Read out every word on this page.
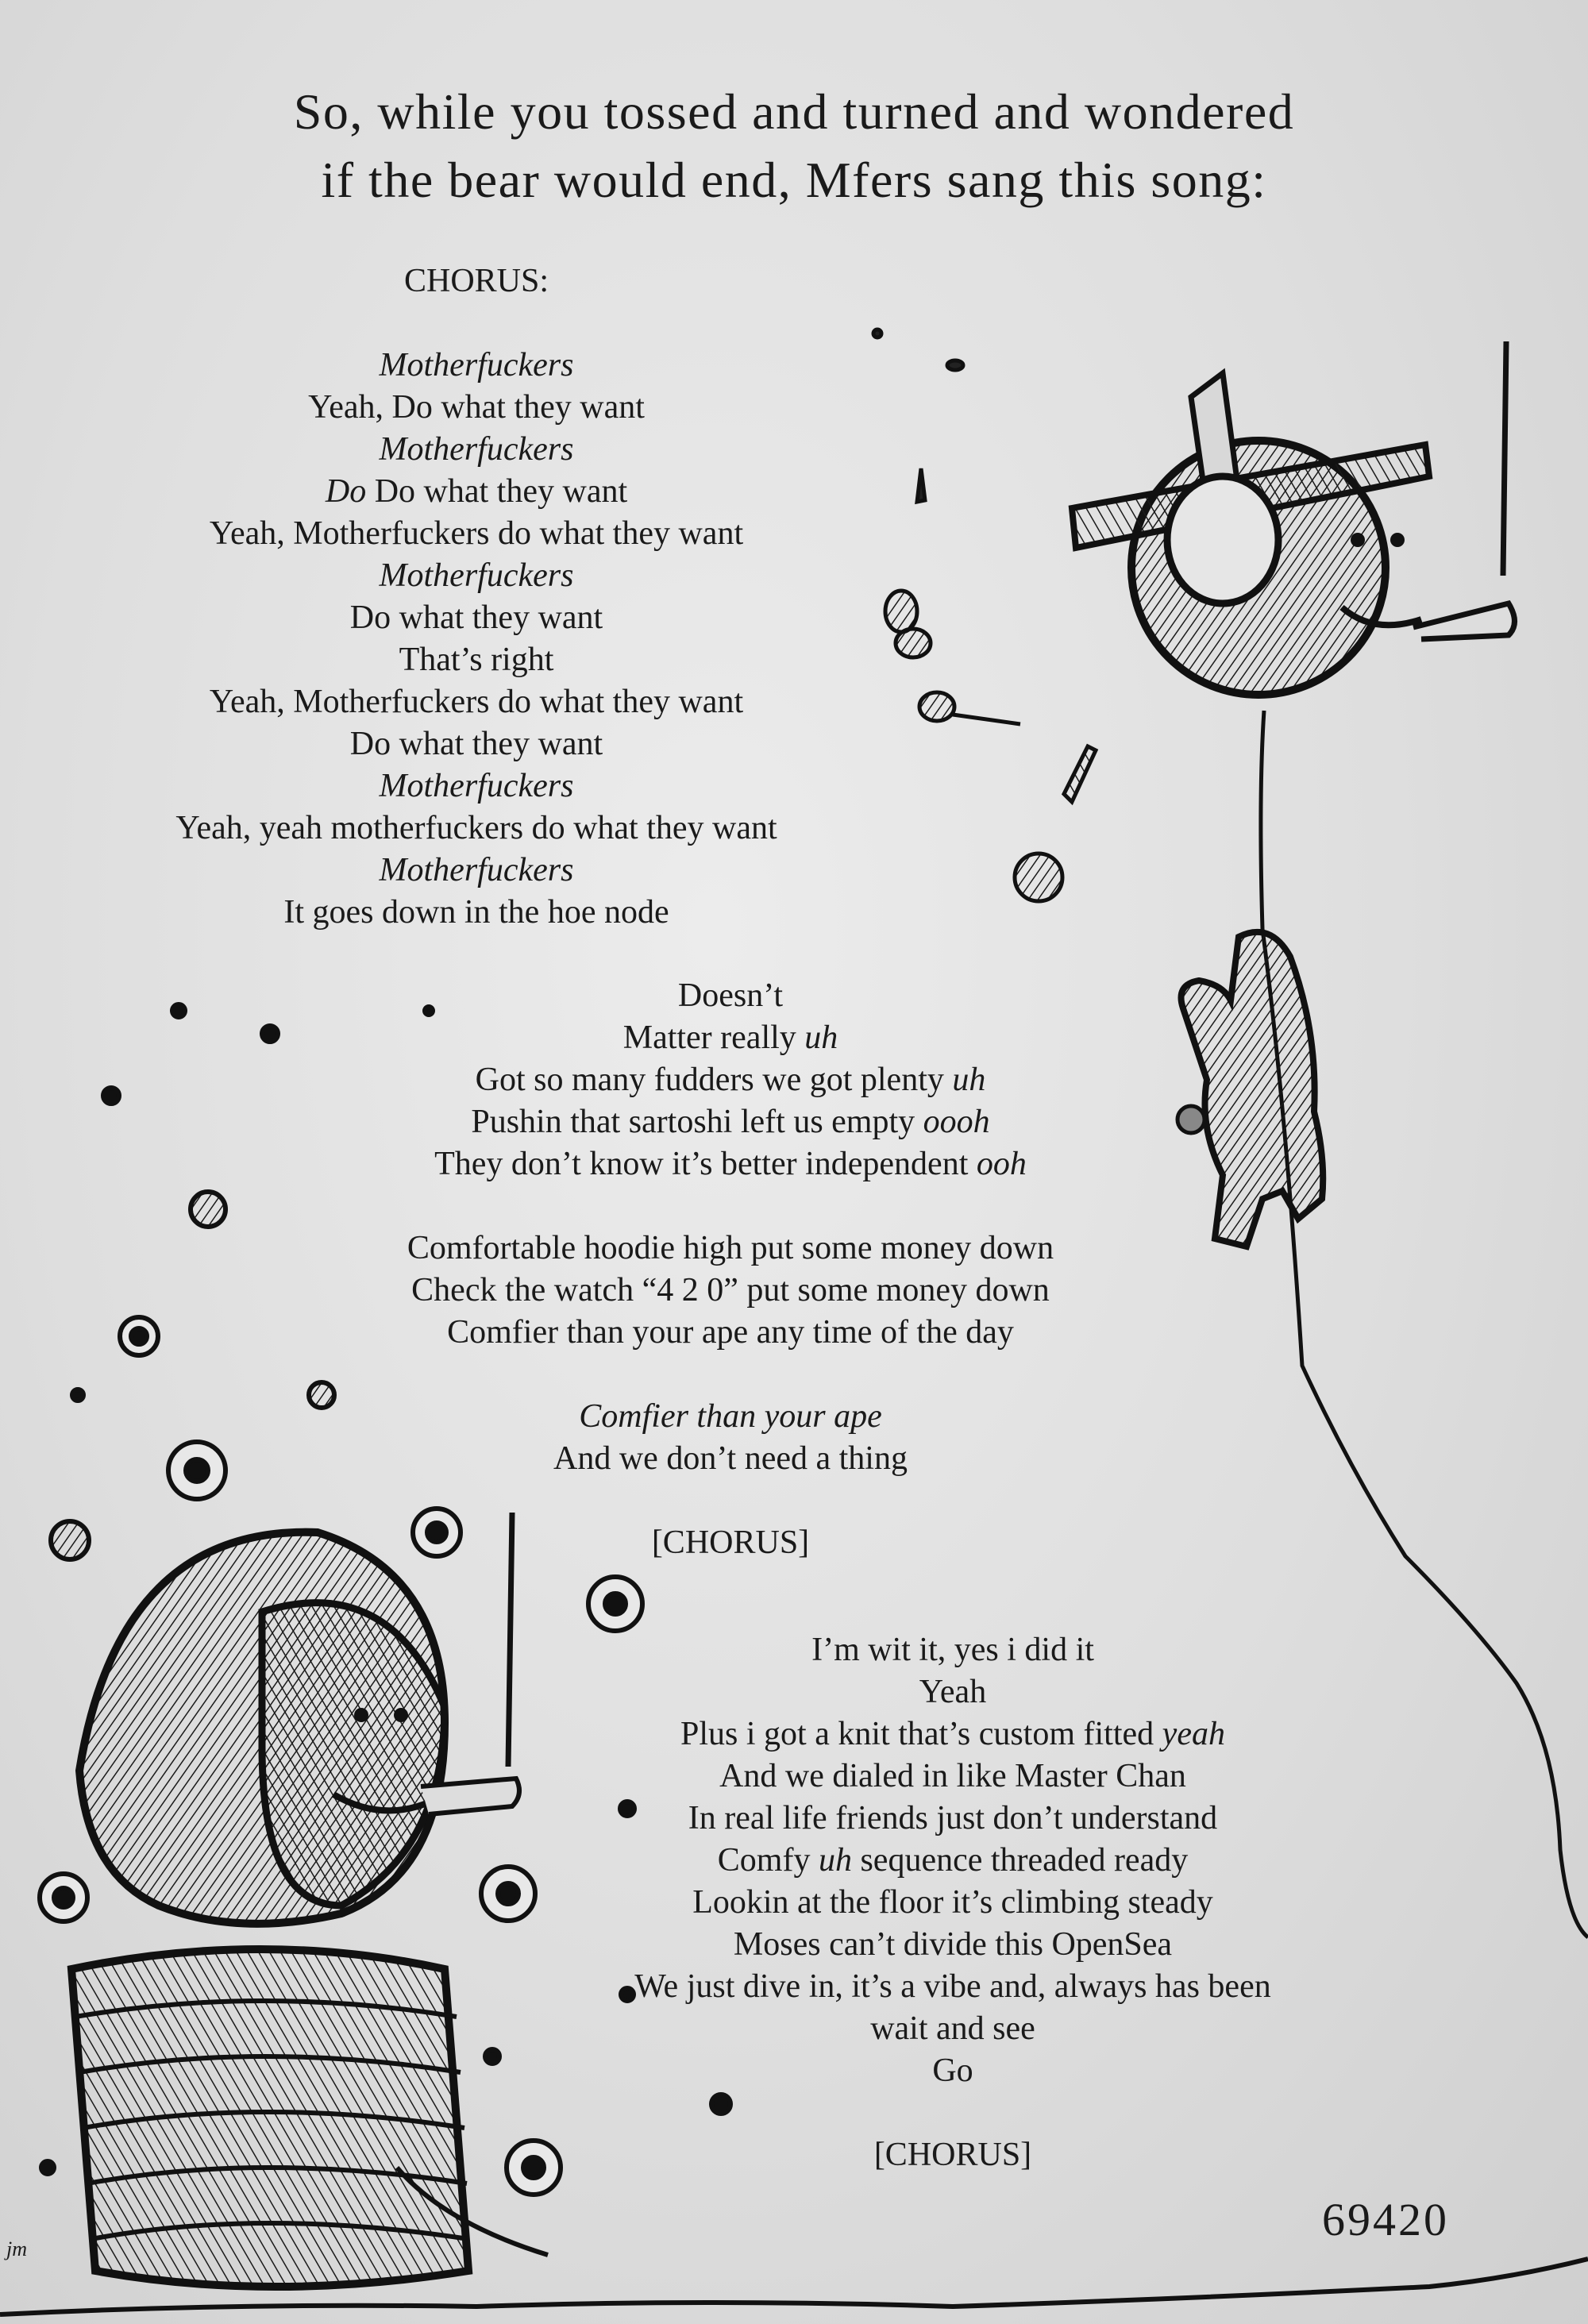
So, while you tossed and turned and wondered
if the bear would end, Mfers sang this song:
CHORUS:
Motherfuckers
Yeah, Do what they want
Motherfuckers
Do Do what they want
Yeah, Motherfuckers do what they want
Motherfuckers
Do what they want
That’s right
Yeah, Motherfuckers do what they want
Do what they want
Motherfuckers
Yeah, yeah motherfuckers do what they want
Motherfuckers
It goes down in the hoe node
Doesn’t
Matter really uh
Got so many fudders we got plenty uh
Pushin that sartoshi left us empty oooh
They don’t know it’s better independent ooh
Comfortable hoodie high put some money down
Check the watch “4 2 0” put some money down
Comfier than your ape any time of the day
Comfier than your ape
And we don’t need a thing
[CHORUS]
I’m wit it, yes i did it
Yeah
Plus i got a knit that’s custom fitted yeah
And we dialed in like Master Chan
In real life friends just don’t understand
Comfy uh sequence threaded ready
Lookin at the floor it’s climbing steady
Moses can’t divide this OpenSea
We just dive in, it’s a vibe and, always has been
wait and see
Go
[CHORUS]
69420
jm
